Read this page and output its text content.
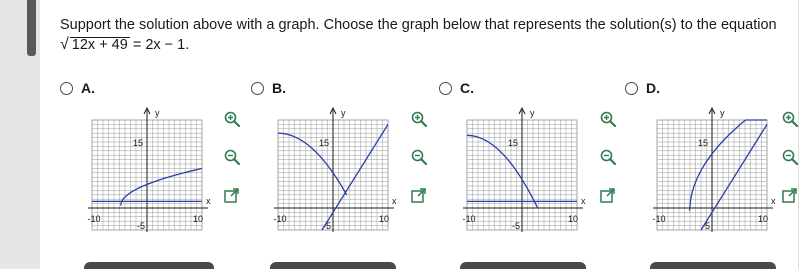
Support the solution above with a graph. Choose the graph below that represents the solution(s) to the equation
√ 12x + 49 = 2x − 1.
A.	B.	C.	D.
y
x
15
-10	10
-5
y
x
15
-10	10
-5
y
x
15
-10	10
-5
y
x
15
-10	10
-5
